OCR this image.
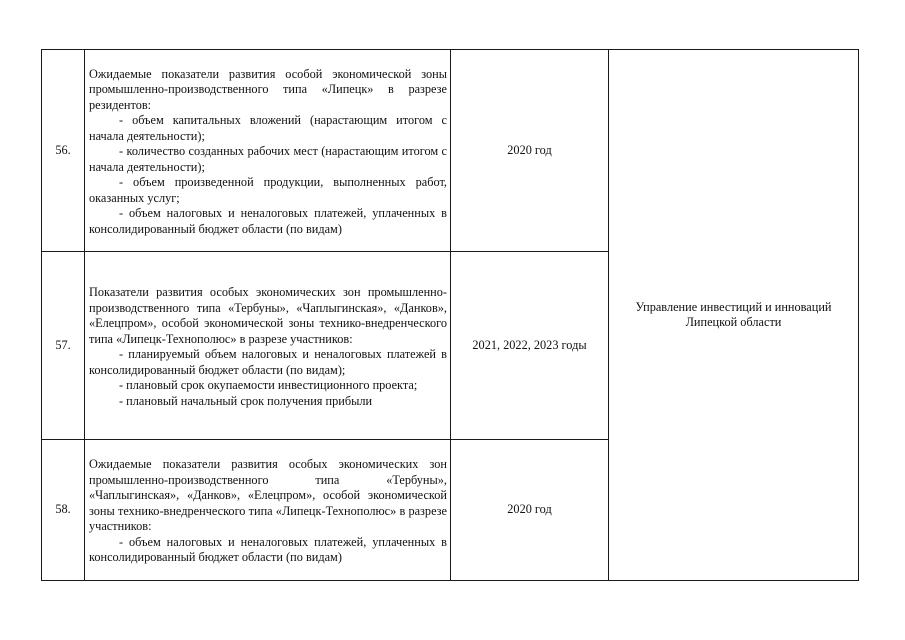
56.	Ожидаемые показатели развития особой экономической зоны промышленно-производственного типа «Липецк» в разрезе резидентов:

- объем капитальных вложений (нарастающим итогом с начала деятельности);

- количество созданных рабочих мест (нарастающим итогом с начала деятельности);

- объем произведенной продукции, выполненных работ, оказанных услуг;

- объем налоговых и неналоговых платежей, уплаченных в консолидированный бюджет области (по видам)	2020 год	Управление инвестиций и инноваций Липецкой области
57.	Показатели развития особых экономических зон промышленно-производственного типа «Тербуны», «Чаплыгинская», «Данков», «Елецпром», особой экономической зоны технико-внедренческого типа «Липецк-Технополюс» в разрезе участников:

- планируемый объем налоговых и неналоговых платежей в консолидированный бюджет области (по видам);

- плановый срок окупаемости инвестиционного проекта;

- плановый начальный срок получения прибыли	2021, 2022, 2023 годы	
58.	Ожидаемые показатели развития особых экономических зон промышленно-производственного типа «Тербуны», «Чаплыгинская», «Данков», «Елецпром», особой экономической зоны технико-внедренческого типа «Липецк-Технополюс» в разрезе участников:

- объем налоговых и неналоговых платежей, уплаченных в консолидированный бюджет области (по видам)	2020 год	
